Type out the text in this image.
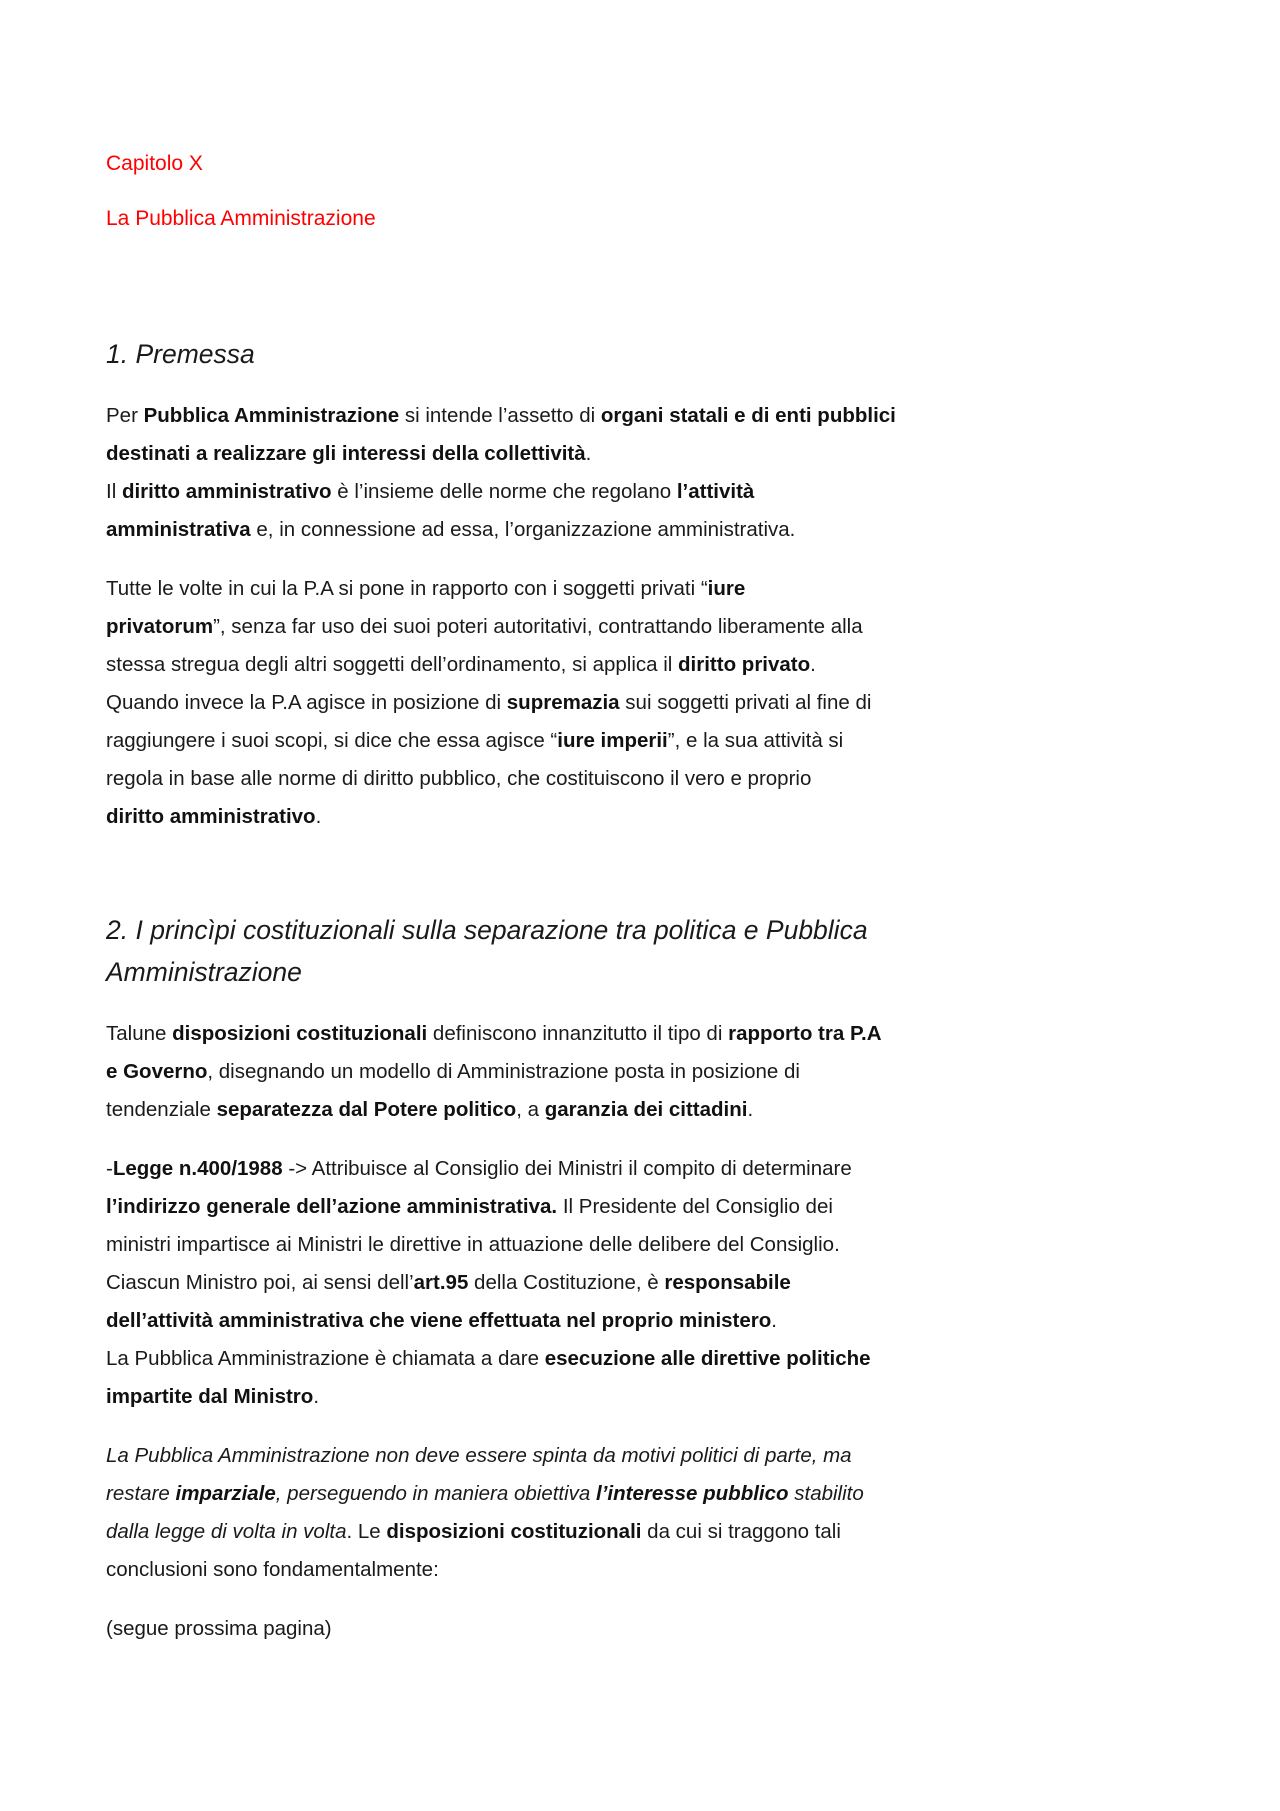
Capitolo X
La Pubblica Amministrazione
1. Premessa

Per Pubblica Amministrazione si intende l’assetto di organi statali e di enti pubblici
destinati a realizzare gli interessi della collettività.
Il diritto amministrativo è l’insieme delle norme che regolano l’attività
amministrativa e, in connessione ad essa, l’organizzazione amministrativa.

Tutte le volte in cui la P.A si pone in rapporto con i soggetti privati “iure
privatorum”, senza far uso dei suoi poteri autoritativi, contrattando liberamente alla
stessa stregua degli altri soggetti dell’ordinamento, si applica il diritto privato.
Quando invece la P.A agisce in posizione di supremazia sui soggetti privati al fine di
raggiungere i suoi scopi, si dice che essa agisce “iure imperii”, e la sua attività si
regola in base alle norme di diritto pubblico, che costituiscono il vero e proprio
diritto amministrativo.

2. I princìpi costituzionali sulla separazione tra politica e Pubblica
Amministrazione

Talune disposizioni costituzionali definiscono innanzitutto il tipo di rapporto tra P.A
e Governo, disegnando un modello di Amministrazione posta in posizione di
tendenziale separatezza dal Potere politico, a garanzia dei cittadini.

-Legge n.400/1988 -> Attribuisce al Consiglio dei Ministri il compito di determinare
l’indirizzo generale dell’azione amministrativa. Il Presidente del Consiglio dei
ministri impartisce ai Ministri le direttive in attuazione delle delibere del Consiglio.
Ciascun Ministro poi, ai sensi dell’art.95 della Costituzione, è responsabile
dell’attività amministrativa che viene effettuata nel proprio ministero.
La Pubblica Amministrazione è chiamata a dare esecuzione alle direttive politiche
impartite dal Ministro.

La Pubblica Amministrazione non deve essere spinta da motivi politici di parte, ma
restare imparziale, perseguendo in maniera obiettiva l’interesse pubblico stabilito
dalla legge di volta in volta. Le disposizioni costituzionali da cui si traggono tali
conclusioni sono fondamentalmente:

(segue prossima pagina)
